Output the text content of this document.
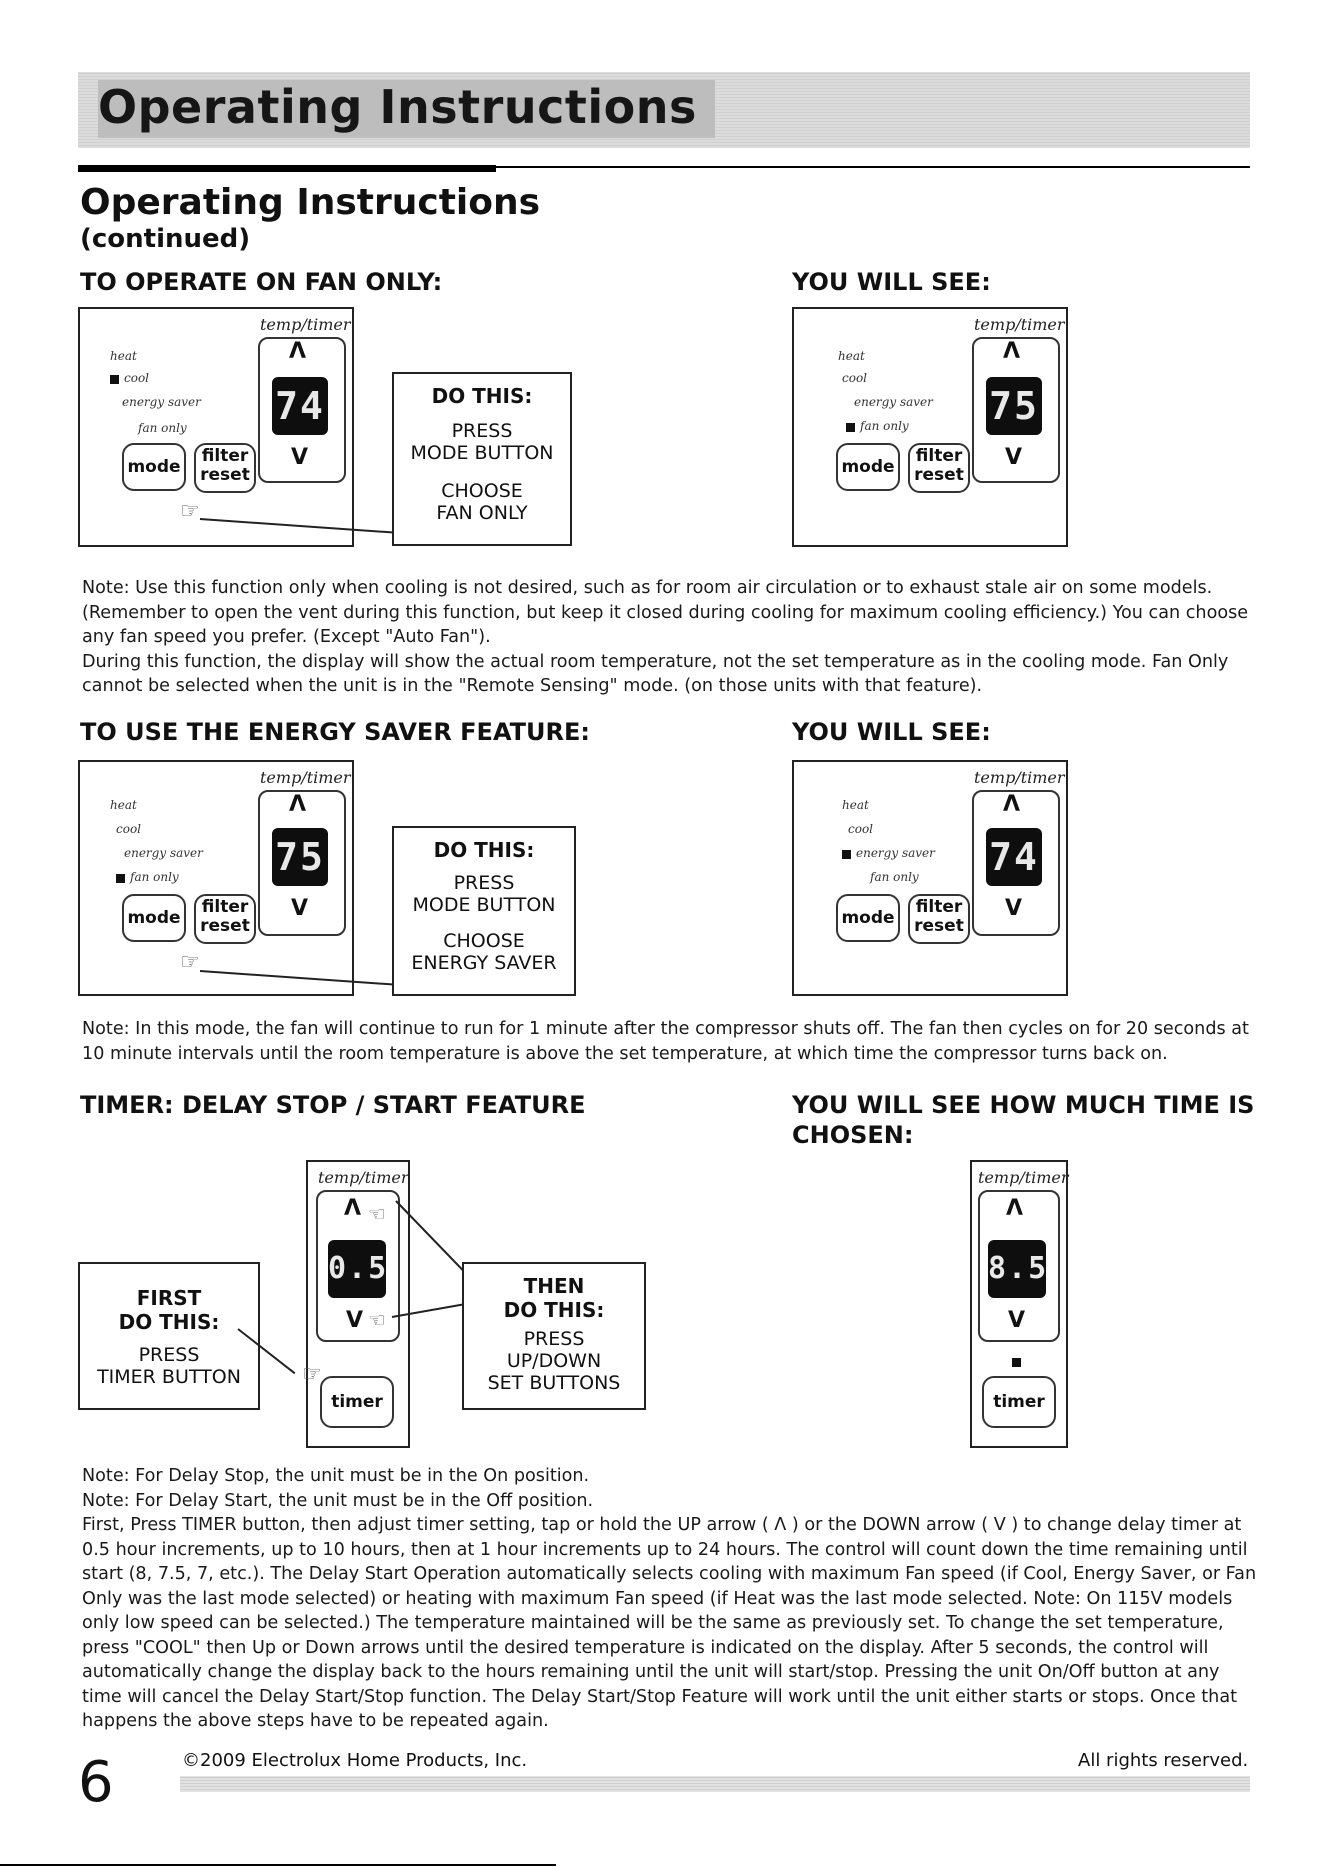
Operating Instructions
Operating Instructions
(continued)
TO OPERATE ON FAN ONLY:	YOU WILL SEE:
temp/timer
heat
cool
energy saver
fan only
Λ
74
V
mode
filter
reset
☞
DO THIS:
PRESS
MODE BUTTON
CHOOSE
FAN ONLY
temp/timer
heat
cool
energy saver
fan only
Λ
75
V
mode
filter
reset

Note: Use this function only when cooling is not desired, such as for room air circulation or to exhaust stale air on some models. (Remember to open the vent during this function, but keep it closed during cooling for maximum cooling efficiency.) You can choose any fan speed you prefer. (Except "Auto Fan").

During this function, the display will show the actual room temperature, not the set temperature as in the cooling mode. Fan Only cannot be selected when the unit is in the "Remote Sensing" mode. (on those units with that feature).

TO USE THE ENERGY SAVER FEATURE:	YOU WILL SEE:
temp/timer
heat
cool
energy saver
fan only
Λ
75
V
mode
filter
reset
☞
DO THIS:
PRESS
MODE BUTTON
CHOOSE
ENERGY SAVER
temp/timer
heat
cool
energy saver
fan only
Λ
74
V
mode
filter
reset

Note: In this mode, the fan will continue to run for 1 minute after the compressor shuts off. The fan then cycles on for 20 seconds at 10 minute intervals until the room temperature is above the set temperature, at which time the compressor turns back on.

TIMER: DELAY STOP / START FEATURE	YOU WILL SEE HOW MUCH TIME IS
CHOSEN:
FIRST
DO THIS:
PRESS
TIMER BUTTON
temp/timer
Λ
0.5
V
timer
☜
☜
☞
THEN
DO THIS:
PRESS
UP/DOWN
SET BUTTONS
temp/timer
Λ
8.5
V
timer

Note: For Delay Stop, the unit must be in the On position.

Note: For Delay Start, the unit must be in the Off position.

First, Press TIMER button, then adjust timer setting, tap or hold the UP arrow ( Λ ) or the DOWN arrow ( V ) to change delay timer at 0.5 hour increments, up to 10 hours, then at 1 hour increments up to 24 hours. The control will count down the time remaining until start (8, 7.5, 7, etc.). The Delay Start Operation automatically selects cooling with maximum Fan speed (if Cool, Energy Saver, or Fan Only was the last mode selected) or heating with maximum Fan speed (if Heat was the last mode selected. Note: On 115V models only low speed can be selected.) The temperature maintained will be the same as previously set. To change the set temperature, press "COOL" then Up or Down arrows until the desired temperature is indicated on the display. After 5 seconds, the control will automatically change the display back to the hours remaining until the unit will start/stop. Pressing the unit On/Off button at any time will cancel the Delay Start/Stop function. The Delay Start/Stop Feature will work until the unit either starts or stops. Once that happens the above steps have to be repeated again.

6	©2009 Electrolux Home Products, Inc.	All rights reserved.
